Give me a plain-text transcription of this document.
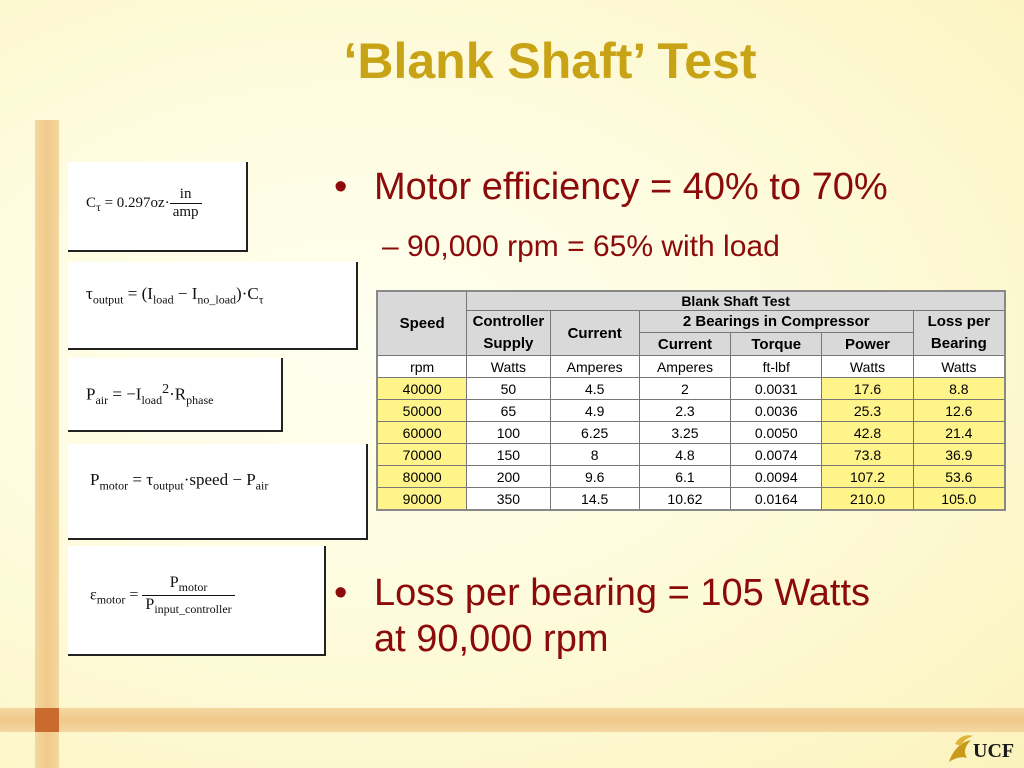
‘Blank Shaft’ Test
$C_\tau = 0.297oz\cdot \frac{in}{\text{amp}}$
$\tau_{output} = (I_{load} - I_{no\_load})\cdot C_\tau$
$P_{air} = -I_{load}^2\cdot R_{phase}$
$P_{motor}$ = $\tau_{output}\cdot speed - P_{air}$
$\varepsilon_{motor} = \frac{P_{motor}}{P_{input\_controller}}$
• Motor efficiency = 40% to 70%
– 90,000 rpm = 65% with load
Speed	Blank Shaft Test					
	Controller Supply	Current	2 Bearings in Compressor			Loss per Bearing
			Current	Torque	Power	
rpm	Watts	Amperes	Amperes	ft-lbf	Watts	Watts
40000	50	4.5	2	0.0031	17.6	8.8
50000	65	4.9	2.3	0.0036	25.3	12.6
60000	100	6.25	3.25	0.0050	42.8	21.4
70000	150	8	4.8	0.0074	73.8	36.9
80000	200	9.6	6.1	0.0094	107.2	53.6
90000	350	14.5	10.62	0.0164	210.0	105.0
• Loss per bearing = 105 Watts
at 90,000 rpm
UCF
